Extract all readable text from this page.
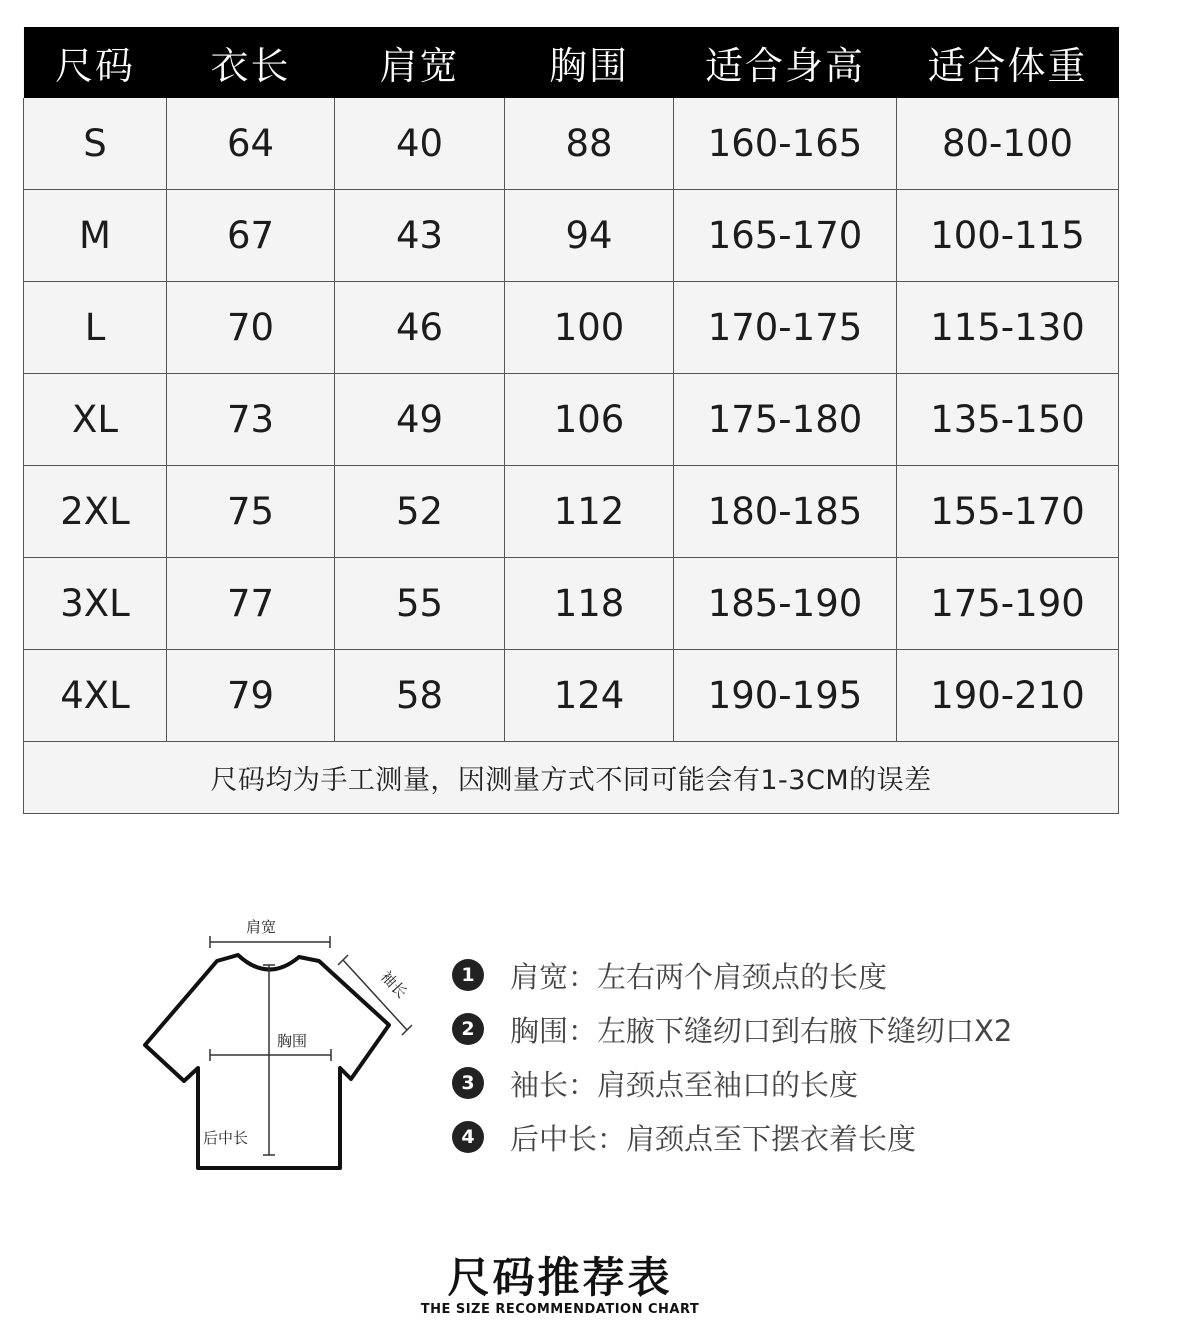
尺码	衣长	肩宽	胸围	适合身高	适合体重
S	64	40	88	160-165	80-100
M	67	43	94	165-170	100-115
L	70	46	100	170-175	115-130
XL	73	49	106	175-180	135-150
2XL	75	52	112	180-185	155-170
3XL	77	55	118	185-190	175-190
4XL	79	58	124	190-195	190-210
尺码均为手工测量，因测量方式不同可能会有1-3CM的误差					
肩宽
袖长
后中长
胸围
1	肩宽：左右两个肩颈点的长度
2	胸围：左腋下缝纫口到右腋下缝纫口X2
3	袖长：肩颈点至袖口的长度
4	后中长：肩颈点至下摆衣着长度
尺码推荐表
THE SIZE RECOMMENDATION CHART
